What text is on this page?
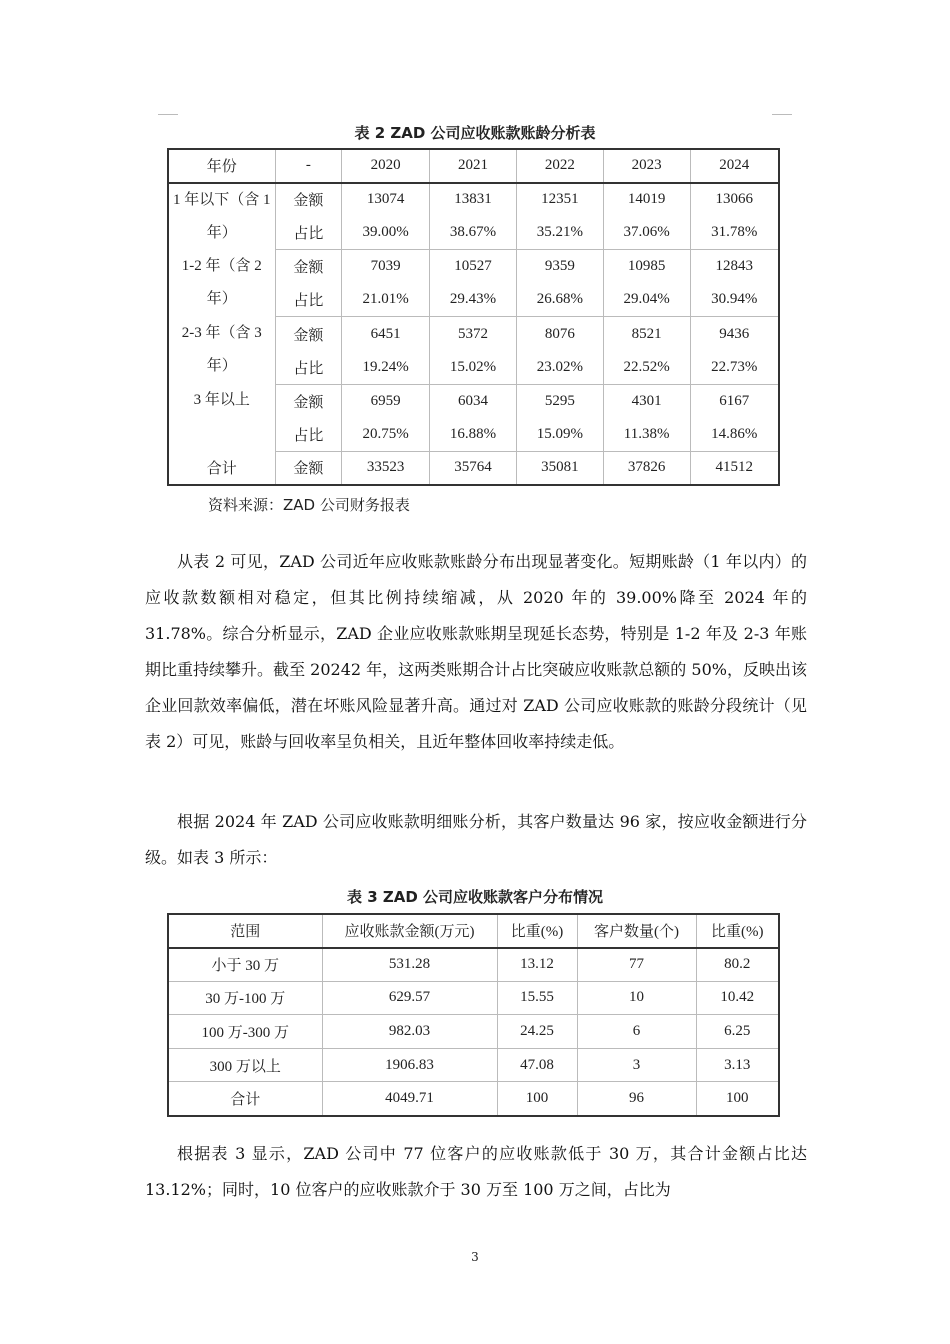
表 2 ZAD 公司应收账款账龄分析表
年份	-	2020	2021	2022	2023	2024
1 年以下（含 1 年）	金额	13074	13831	12351	14019	13066
	占比	39.00%	38.67%	35.21%	37.06%	31.78%
1-2 年（含 2 年）	金额	7039	10527	9359	10985	12843
	占比	21.01%	29.43%	26.68%	29.04%	30.94%
2-3 年（含 3 年）	金额	6451	5372	8076	8521	9436
	占比	19.24%	15.02%	23.02%	22.52%	22.73%
3 年以上	金额	6959	6034	5295	4301	6167
	占比	20.75%	16.88%	15.09%	11.38%	14.86%
合计	金额	33523	35764	35081	37826	41512
资料来源：ZAD 公司财务报表

从表 2 可见，ZAD 公司近年应收账款账龄分布出现显著变化。短期账龄（1 年以内）的应收款数额相对稳定，但其比例持续缩减，从 2020 年的 39.00%降至 2024 年的 31.78%。综合分析显示，ZAD 企业应收账款账期呈现延长态势，特别是 1-2 年及 2-3 年账期比重持续攀升。截至 20242 年，这两类账期合计占比突破应收账款总额的 50%，反映出该企业回款效率偏低，潜在坏账风险显著升高。通过对 ZAD 公司应收账款的账龄分段统计（见表 2）可见，账龄与回收率呈负相关，且近年整体回收率持续走低。

根据 2024 年 ZAD 公司应收账款明细账分析，其客户数量达 96 家，按应收金额进行分级。如表 3 所示：

表 3 ZAD 公司应收账款客户分布情况
范围	应收账款金额(万元)	比重(%)	客户数量(个)	比重(%)
小于 30 万	531.28	13.12	77	80.2
30 万-100 万	629.57	15.55	10	10.42
100 万-300 万	982.03	24.25	6	6.25
300 万以上	1906.83	47.08	3	3.13
合计	4049.71	100	96	100

根据表 3 显示，ZAD 公司中 77 位客户的应收账款低于 30 万，其合计金额占比达 13.12%；同时，10 位客户的应收账款介于 30 万至 100 万之间，占比为

3
